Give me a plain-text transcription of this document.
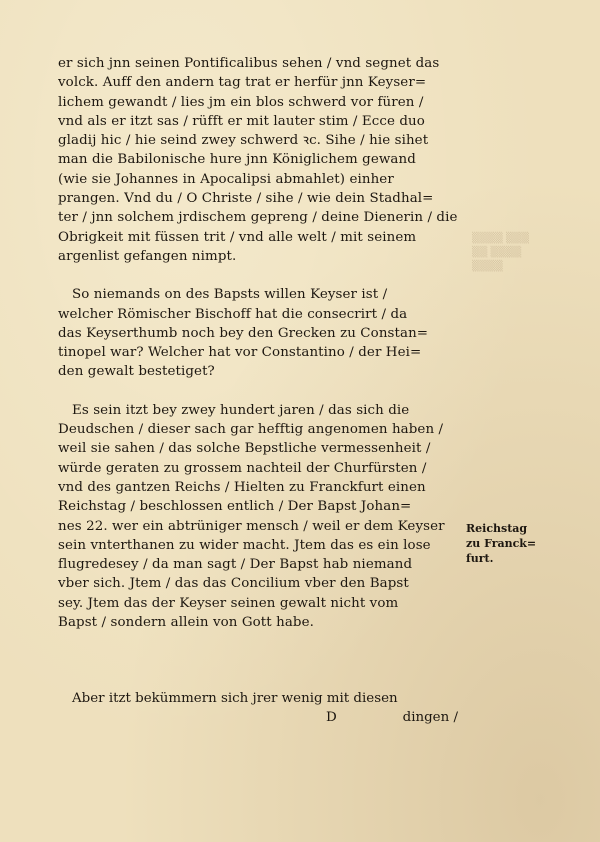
▒▒▒▒ ▒▒▒
▒▒ ▒▒▒▒
▒▒▒▒
er sich jnn seinen Pontificalibus sehen / vnd segnet das
volck. Auff den andern tag trat er herfür jnn Keyser=
lichem gewandt / lies jm ein blos schwerd vor füren /
vnd als er itzt sas / rüfft er mit lauter stim / Ecce duo
gladij hic / hie seind zwey schwerd ꝛc. Sihe / hie sihet
man die Babilonische hure jnn Königlichem gewand
(wie sie Johannes in Apocalipsi abmahlet) einher
prangen. Vnd du / O Christe / sihe / wie dein Stadhal=
ter / jnn solchem jrdischem gepreng / deine Dienerin / die
Obrigkeit mit füssen trit / vnd alle welt / mit seinem
argenlist gefangen nimpt.
So niemands on des Bapsts willen Keyser ist /
welcher Römischer Bischoff hat die consecrirt / da
das Keyserthumb noch bey den Grecken zu Constan=
tinopel war? Welcher hat vor Constantino / der Hei=
den gewalt bestetiget?
Es sein itzt bey zwey hundert jaren / das sich die
Deudschen / dieser sach gar hefftig angenomen haben /
weil sie sahen / das solche Bepstliche vermessenheit /
würde geraten zu grossem nachteil der Churfürsten /
vnd des gantzen Reichs / Hielten zu Franckfurt einen
Reichstag / beschlossen entlich / Der Bapst Johan=
nes 22. wer ein abtrüniger mensch / weil er dem Keyser
sein vnterthanen zu wider macht. Jtem das es ein lose
flugredesey / da man sagt / Der Bapst hab niemand
vber sich. Jtem / das das Concilium vber den Bapst
sey. Jtem das der Keyser seinen gewalt nicht vom
Bapst / sondern allein von Gott habe.
Aber itzt bekümmern sich jrer wenig mit diesen
D	dingen /
Reichstag
zu Franck=
furt.
